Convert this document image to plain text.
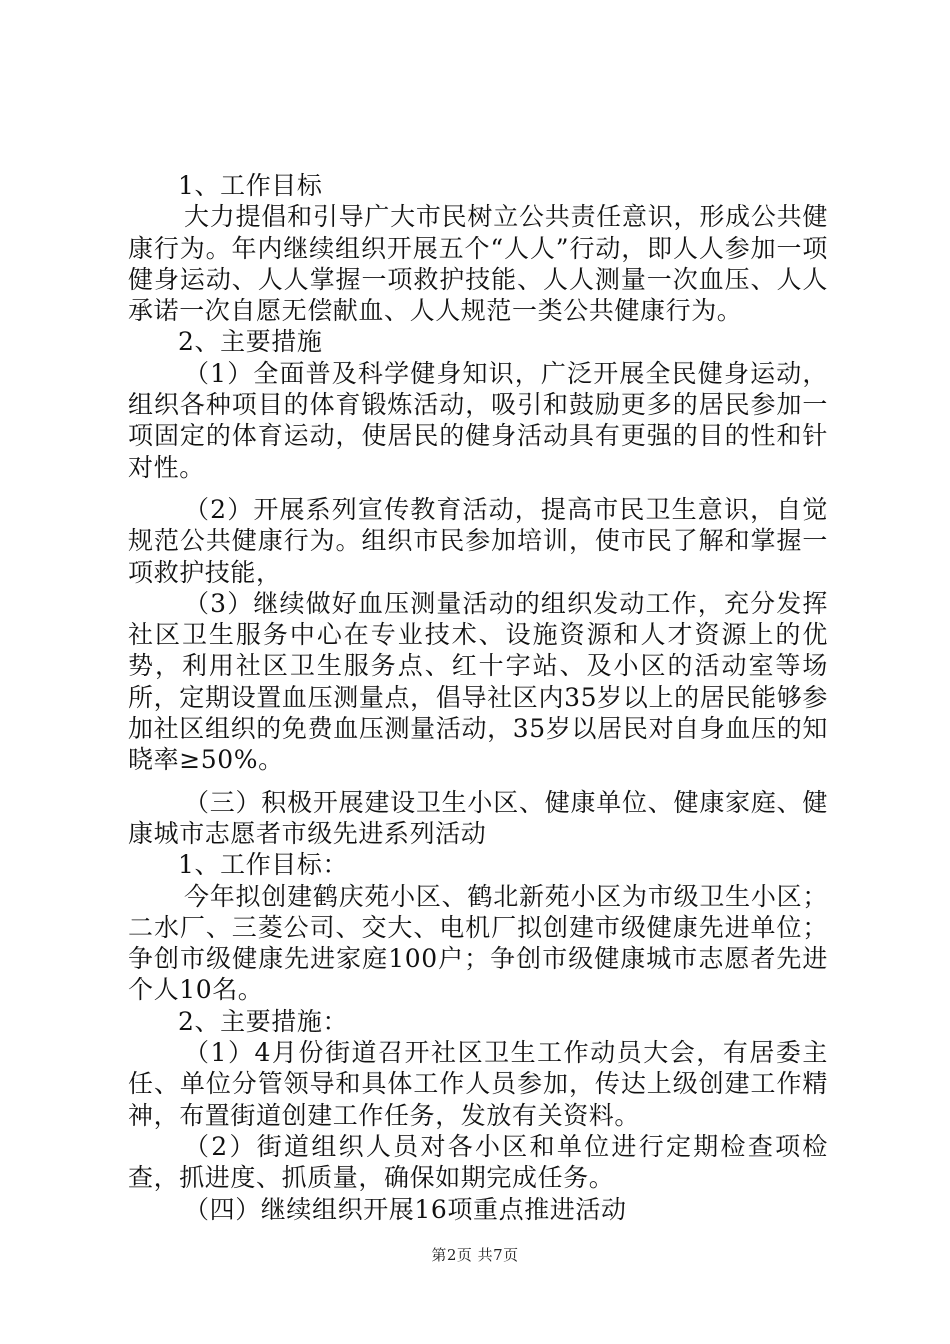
1、工作目标

大力提倡和引导广大市民树立公共责任意识，形成公共健康行为。年内继续组织开展五个“人人”行动，即人人参加一项健身运动、人人掌握一项救护技能、人人测量一次血压、人人承诺一次自愿无偿献血、人人规范一类公共健康行为。

2、主要措施

（1）全面普及科学健身知识，广泛开展全民健身运动，组织各种项目的体育锻炼活动，吸引和鼓励更多的居民参加一项固定的体育运动，使居民的健身活动具有更强的目的性和针对性。

（2）开展系列宣传教育活动，提高市民卫生意识，自觉规范公共健康行为。组织市民参加培训，使市民了解和掌握一项救护技能，

（3）继续做好血压测量活动的组织发动工作，充分发挥社区卫生服务中心在专业技术、设施资源和人才资源上的优势，利用社区卫生服务点、红十字站、及小区的活动室等场所，定期设置血压测量点，倡导社区内35岁以上的居民能够参加社区组织的免费血压测量活动，35岁以居民对自身血压的知晓率≥50%。

（三）积极开展建设卫生小区、健康单位、健康家庭、健康城市志愿者市级先进系列活动

1、工作目标：

今年拟创建鹤庆苑小区、鹤北新苑小区为市级卫生小区；二水厂、三菱公司、交大、电机厂拟创建市级健康先进单位；争创市级健康先进家庭100户；争创市级健康城市志愿者先进个人10名。

2、主要措施：

（1）4月份街道召开社区卫生工作动员大会，有居委主任、单位分管领导和具体工作人员参加，传达上级创建工作精神，布置街道创建工作任务，发放有关资料。

（2）街道组织人员对各小区和单位进行定期检查项检查，抓进度、抓质量，确保如期完成任务。

（四）继续组织开展16项重点推进活动

第2页 共7页
